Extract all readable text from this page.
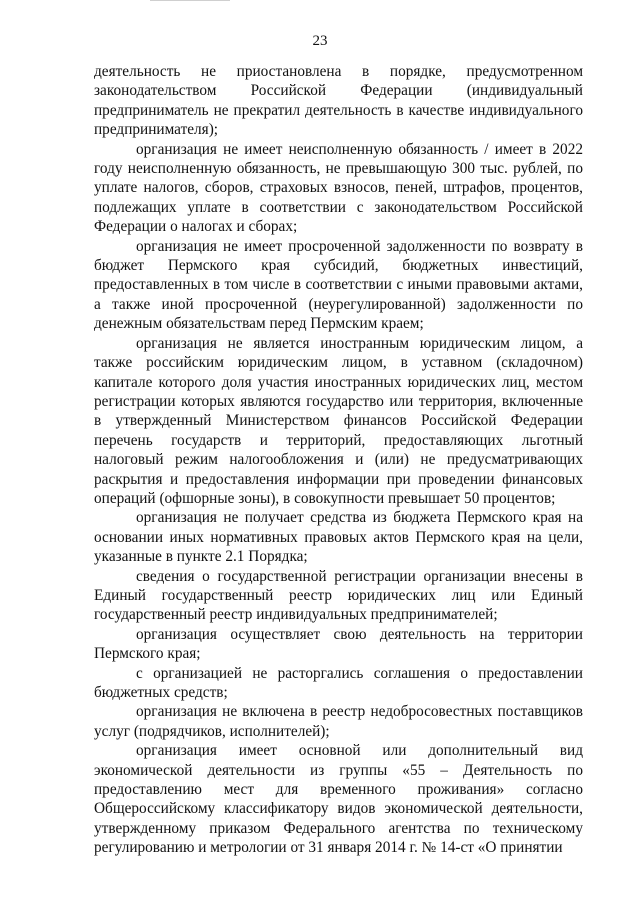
23

деятельность не приостановлена в порядке, предусмотренном законодательством Российской Федерации (индивидуальный предприниматель не прекратил деятельность в качестве индивидуального предпринимателя);

организация не имеет неисполненную обязанность / имеет в 2022 году неисполненную обязанность, не превышающую 300 тыс. рублей, по уплате налогов, сборов, страховых взносов, пеней, штрафов, процентов, подлежащих уплате в соответствии с законодательством Российской Федерации о налогах и сборах;

организация не имеет просроченной задолженности по возврату в бюджет Пермского края субсидий, бюджетных инвестиций, предоставленных в том числе в соответствии с иными правовыми актами, а также иной просроченной (неурегулированной) задолженности по денежным обязательствам перед Пермским краем;

организация не является иностранным юридическим лицом, а также российским юридическим лицом, в уставном (складочном) капитале которого доля участия иностранных юридических лиц, местом регистрации которых являются государство или территория, включенные в утвержденный Министерством финансов Российской Федерации перечень государств и территорий, предоставляющих льготный налоговый режим налогообложения и (или) не предусматривающих раскрытия и предоставления информации при проведении финансовых операций (офшорные зоны), в совокупности превышает 50 процентов;

организация не получает средства из бюджета Пермского края на основании иных нормативных правовых актов Пермского края на цели, указанные в пункте 2.1 Порядка;

сведения о государственной регистрации организации внесены в Единый государственный реестр юридических лиц или Единый государственный реестр индивидуальных предпринимателей;

организация осуществляет свою деятельность на территории Пермского края;

с организацией не расторгались соглашения о предоставлении бюджетных средств;

организация не включена в реестр недобросовестных поставщиков услуг (подрядчиков, исполнителей);

организация имеет основной или дополнительный вид экономической деятельности из группы «55 – Деятельность по предоставлению мест для временного проживания» согласно Общероссийскому классификатору видов экономической деятельности, утвержденному приказом Федерального агентства по техническому регулированию и метрологии от 31 января 2014 г. № 14-ст «О принятии
